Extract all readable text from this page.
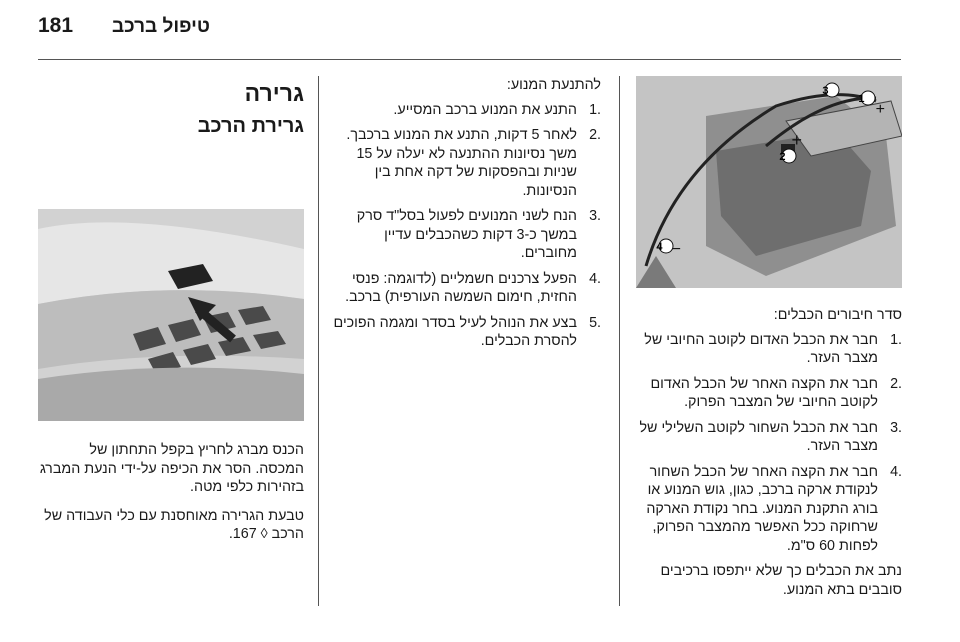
181 טיפול ברכב
גרירה
גרירת הרכב

הכנס מברג לחריץ בקפל התחתון של המכסה. הסר את הכיפה על-ידי הנעת המברג בזהירות כלפי מטה.

טבעת הגרירה מאוחסנת עם כלי העבודה של הרכב ◊ 167.

להתנעת המנוע:

.1
התנע את המנוע ברכב המסייע.
.2
לאחר 5 דקות, התנע את המנוע ברכבך. משך נסיונות ההתנעה לא יעלה על 15 שניות ובהפסקות של דקה אחת בין הנסיונות.
.3
הנח לשני המנועים לפעול בסל"ד סרק במשך כ-3 דקות כשהכבלים עדיין מחוברים.
.4
הפעל צרכנים חשמליים (לדוגמה: פנסי החזית, חימום השמשה העורפית) ברכב.
.5
בצע את הנוהל לעיל בסדר ומגמה הפוכים להסרת הכבלים.
+
+
1
2
3
4 −

סדר חיבורים הכבלים:

.1
חבר את הכבל האדום לקוטב החיובי של מצבר העזר.
.2
חבר את הקצה האחר של הכבל האדום לקוטב החיובי של המצבר הפרוק.
.3
חבר את הכבל השחור לקוטב השלילי של מצבר העזר.
.4
חבר את הקצה האחר של הכבל השחור לנקודת ארקה ברכב, כגון, גוש המנוע או בורג התקנת המנוע. בחר נקודת הארקה שרחוקה ככל האפשר מהמצבר הפרוק, לפחות 60 ס"מ.

נתב את הכבלים כך שלא ייתפסו ברכיבים סובבים בתא המנוע.
